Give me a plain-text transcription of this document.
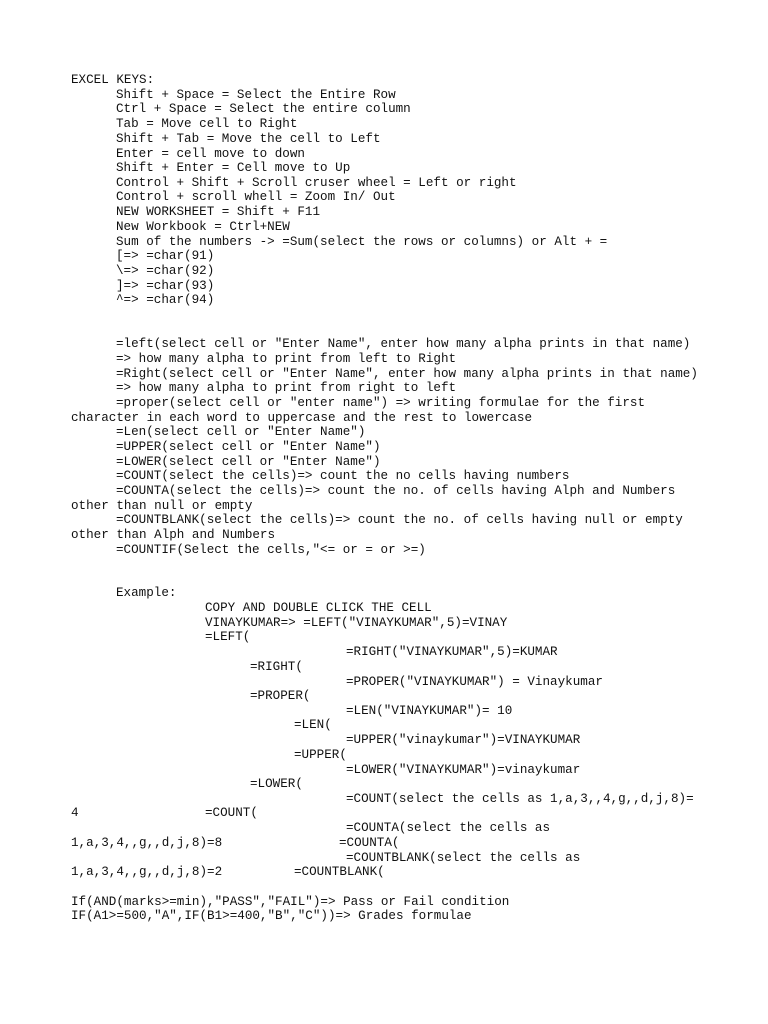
EXCEL KEYS:
Shift + Space = Select the Entire Row
Ctrl + Space = Select the entire column
Tab = Move cell to Right
Shift + Tab = Move the cell to Left
Enter = cell move to down
Shift + Enter = Cell move to Up
Control + Shift + Scroll cruser wheel = Left or right
Control + scroll whell = Zoom In/ Out
NEW WORKSHEET = Shift + F11
New Workbook = Ctrl+NEW
Sum of the numbers -> =Sum(select the rows or columns) or Alt + =
[=> =char(91)
\=> =char(92)
]=> =char(93)
^=> =char(94)
=left(select cell or "Enter Name", enter how many alpha prints in that name)
=> how many alpha to print from left to Right
=Right(select cell or "Enter Name", enter how many alpha prints in that name)
=> how many alpha to print from right to left
=proper(select cell or "enter name") => writing formulae for the first
character in each word to uppercase and the rest to lowercase
=Len(select cell or "Enter Name")
=UPPER(select cell or "Enter Name")
=LOWER(select cell or "Enter Name")
=COUNT(select the cells)=> count the no cells having numbers
=COUNTA(select the cells)=> count the no. of cells having Alph and Numbers
other than null or empty
=COUNTBLANK(select the cells)=> count the no. of cells having null or empty
other than Alph and Numbers
=COUNTIF(Select the cells,"<= or = or >=)
Example:
COPY AND DOUBLE CLICK THE CELL
VINAYKUMAR=> =LEFT("VINAYKUMAR",5)=VINAY
=LEFT(
=RIGHT("VINAYKUMAR",5)=KUMAR
=RIGHT(
=PROPER("VINAYKUMAR") = Vinaykumar
=PROPER(
=LEN("VINAYKUMAR")= 10
=LEN(
=UPPER("vinaykumar")=VINAYKUMAR
=UPPER(
=LOWER("VINAYKUMAR")=vinaykumar
=LOWER(
=COUNT(select the cells as 1,a,3,,4,g,,d,j,8)=
4	=COUNT(
=COUNTA(select the cells as
1,a,3,4,,g,,d,j,8)=8	=COUNTA(
=COUNTBLANK(select the cells as
1,a,3,4,,g,,d,j,8)=2	=COUNTBLANK(
If(AND(marks>=min),"PASS","FAIL")=> Pass or Fail condition
IF(A1>=500,"A",IF(B1>=400,"B","C"))=> Grades formulae
